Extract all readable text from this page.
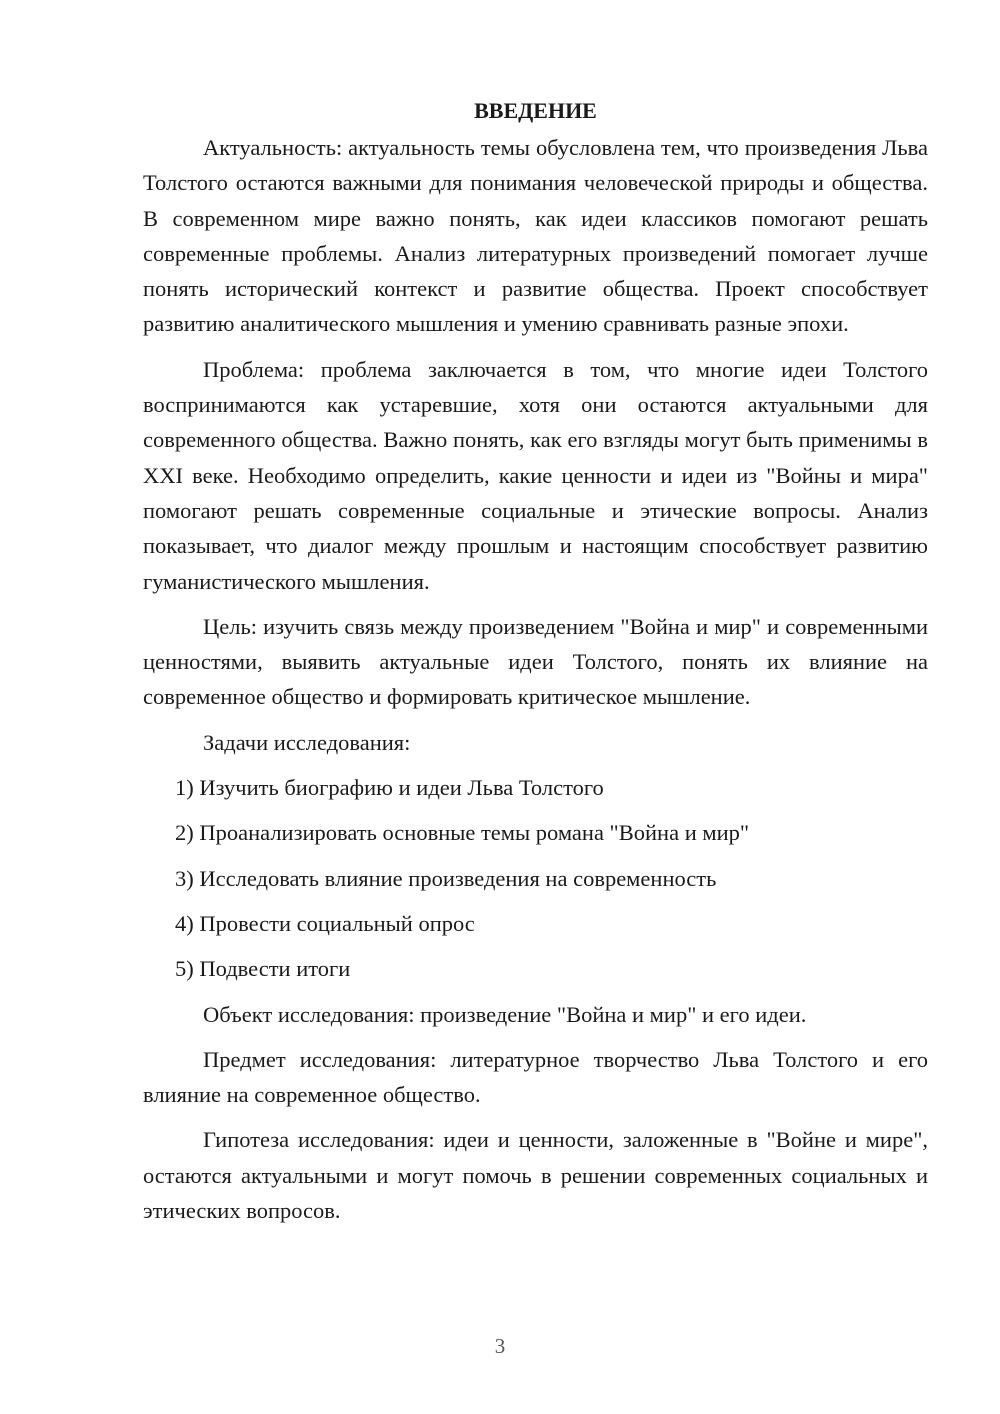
ВВЕДЕНИЕ

Актуальность: актуальность темы обусловлена тем, что произведения Льва Толстого остаются важными для понимания человеческой природы и общества. В современном мире важно понять, как идеи классиков помогают решать современные проблемы. Анализ литературных произведений помогает лучше понять исторический контекст и развитие общества. Проект способствует развитию аналитического мышления и умению сравнивать разные эпохи.

Проблема: проблема заключается в том, что многие идеи Толстого воспринимаются как устаревшие, хотя они остаются актуальными для современного общества. Важно понять, как его взгляды могут быть применимы в XXI веке. Необходимо определить, какие ценности и идеи из "Войны и мира" помогают решать современные социальные и этические вопросы. Анализ показывает, что диалог между прошлым и настоящим способствует развитию гуманистического мышления.

Цель: изучить связь между произведением "Война и мир" и современными ценностями, выявить актуальные идеи Толстого, понять их влияние на современное общество и формировать критическое мышление.

Задачи исследования:

1) Изучить биографию и идеи Льва Толстого
2) Проанализировать основные темы романа "Война и мир"
3) Исследовать влияние произведения на современность
4) Провести социальный опрос
5) Подвести итоги

Объект исследования: произведение "Война и мир" и его идеи.

Предмет исследования: литературное творчество Льва Толстого и его влияние на современное общество.

Гипотеза исследования: идеи и ценности, заложенные в "Войне и мире", остаются актуальными и могут помочь в решении современных социальных и этических вопросов.

3
